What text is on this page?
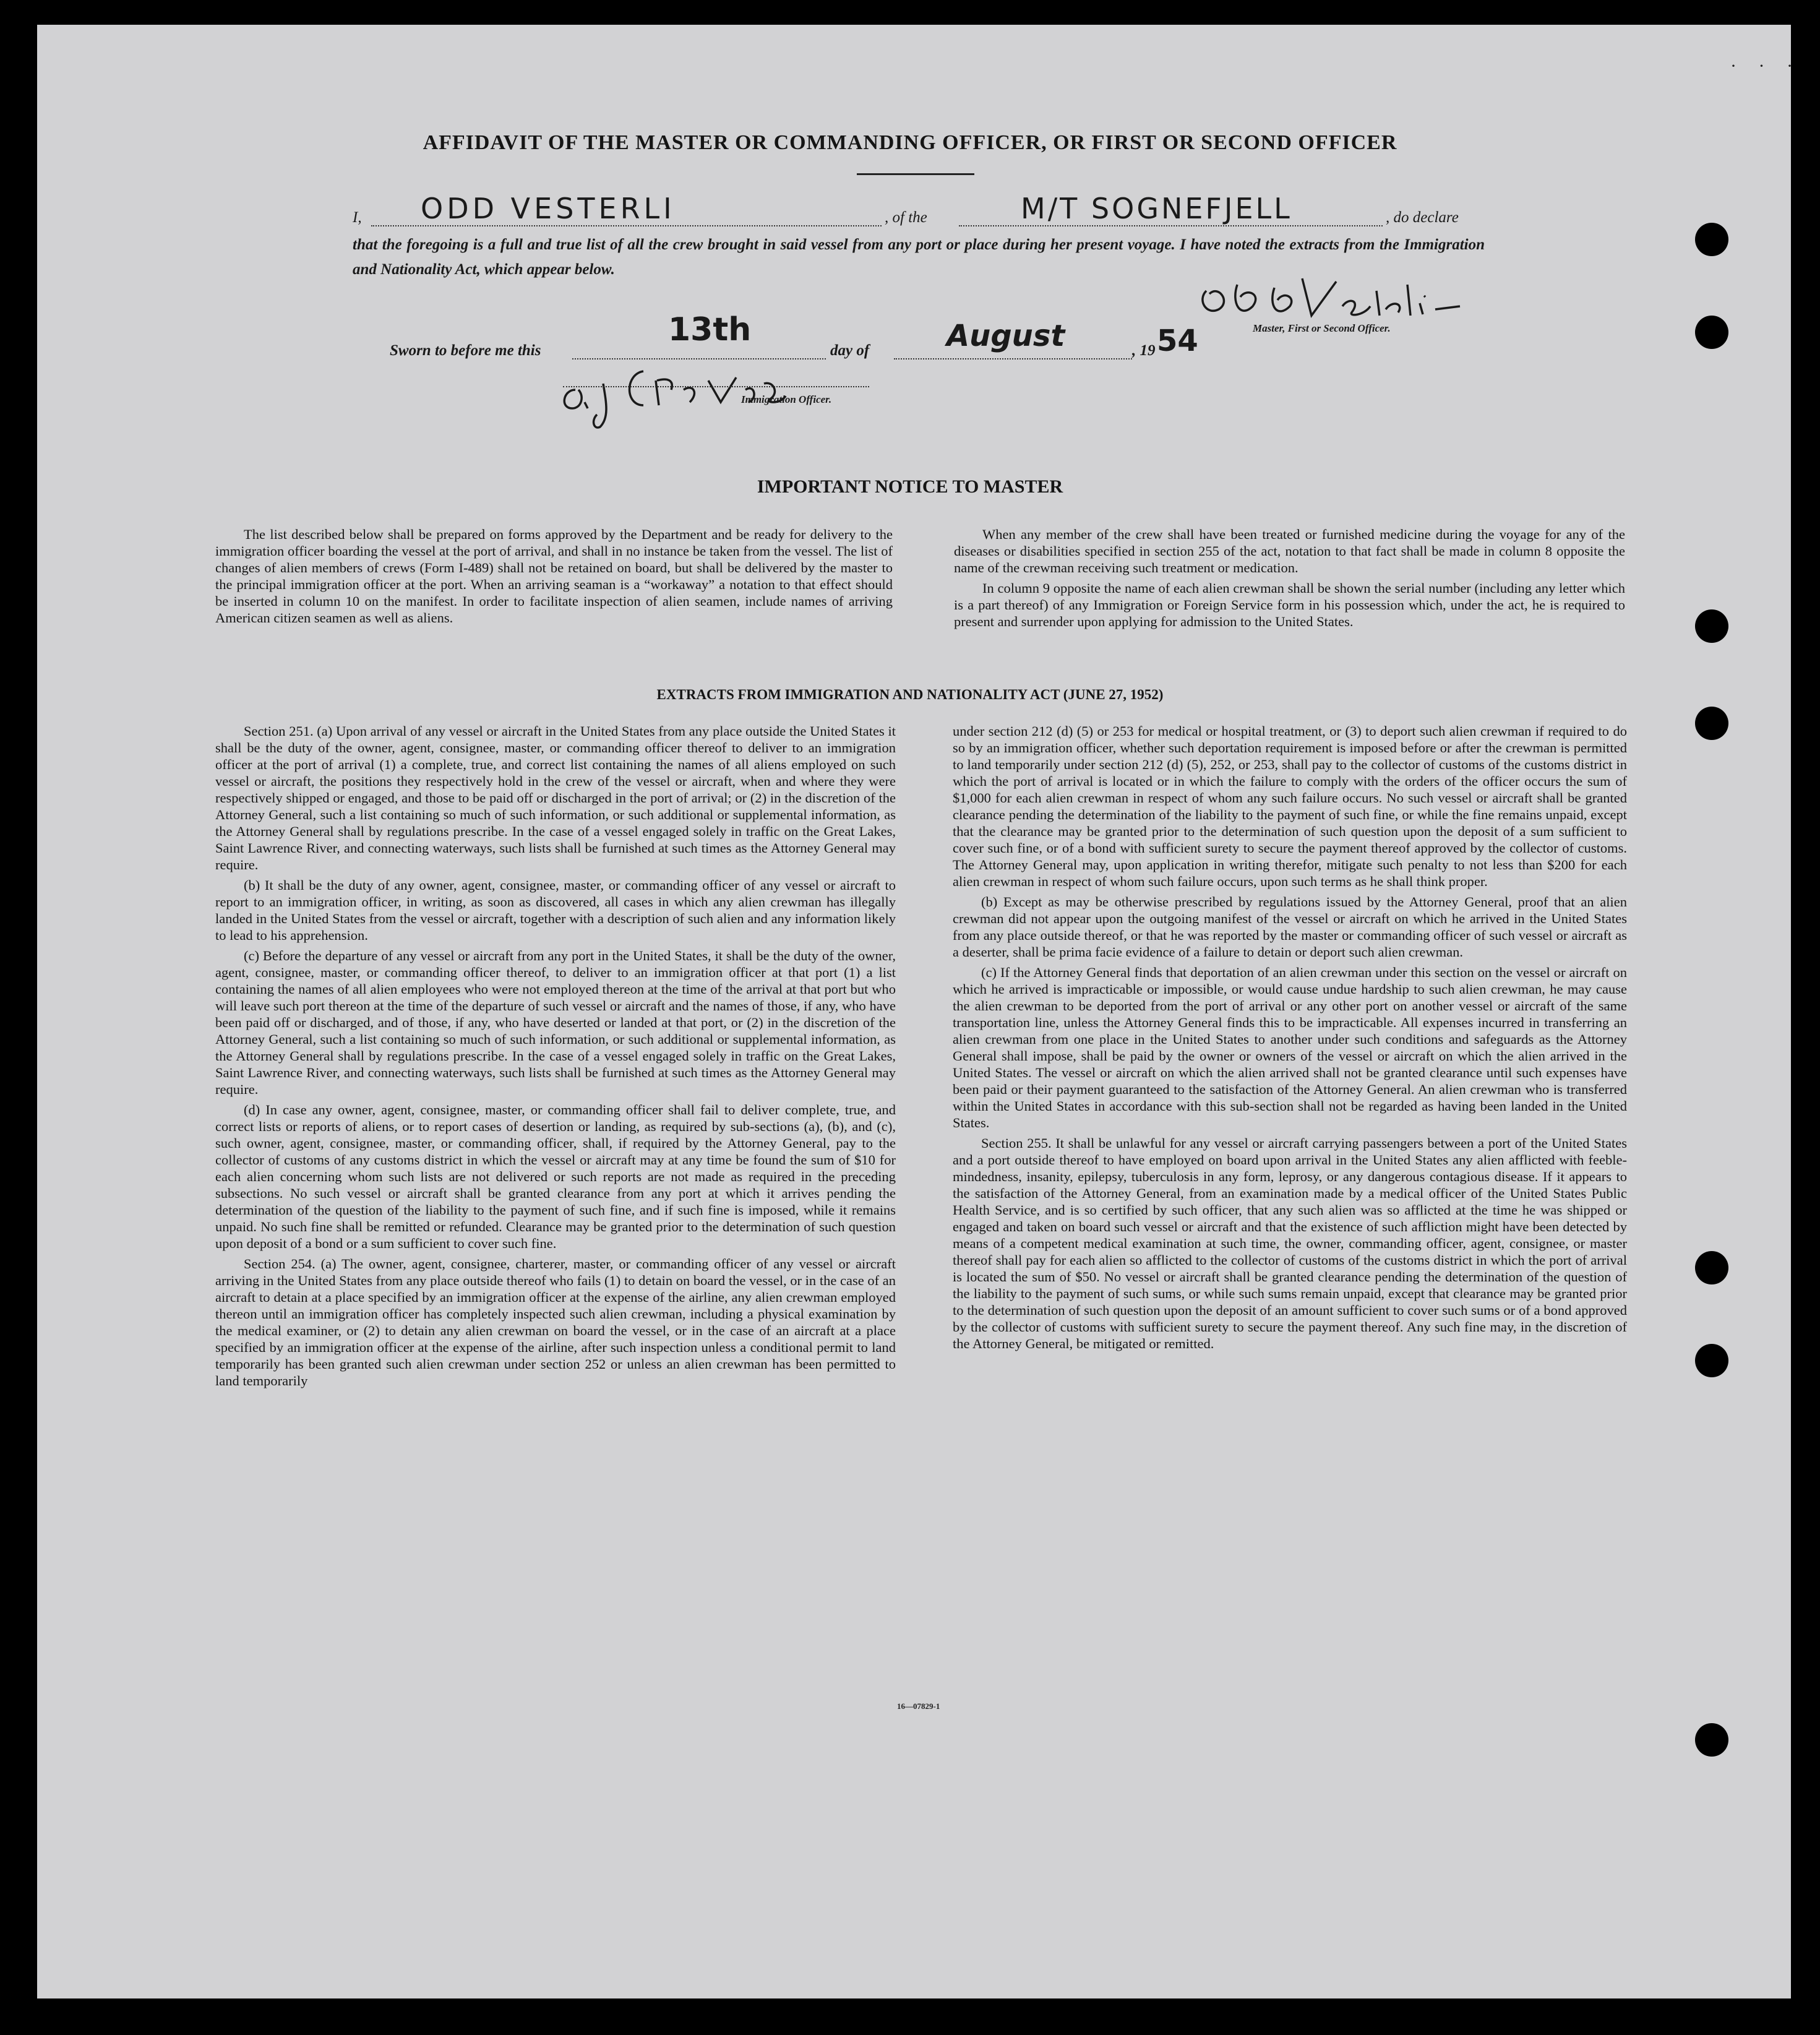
· · ·
AFFIDAVIT OF THE MASTER OR COMMANDING OFFICER, OR FIRST OR SECOND OFFICER
I, ODD VESTERLI	, of the	M/T SOGNEFJELL	, do declare
that the foregoing is a full and true list of all the crew brought in said vessel from any port or place during her present voyage. I have noted the extracts from the Immigration and Nationality Act, which appear below.
Master, First or Second Officer.
Sworn to before me this
13th
day of	August	, 19 54
Immigration Officer.
IMPORTANT NOTICE TO MASTER

The list described below shall be prepared on forms approved by the Department and be ready for delivery to the immigration officer boarding the vessel at the port of arrival, and shall in no instance be taken from the vessel. The list of changes of alien members of crews (Form I-489) shall not be retained on board, but shall be delivered by the master to the principal immigration officer at the port. When an arriving seaman is a “workaway” a notation to that effect should be inserted in column 10 on the manifest. In order to facilitate inspection of alien seamen, include names of arriving American citizen seamen as well as aliens.

When any member of the crew shall have been treated or furnished medicine during the voyage for any of the diseases or disabilities specified in section 255 of the act, notation to that fact shall be made in column 8 opposite the name of the crewman receiving such treatment or medication.

In column 9 opposite the name of each alien crewman shall be shown the serial number (including any letter which is a part thereof) of any Immigration or Foreign Service form in his possession which, under the act, he is required to present and surrender upon applying for admission to the United States.

EXTRACTS FROM IMMIGRATION AND NATIONALITY ACT (JUNE 27, 1952)

Section 251. (a) Upon arrival of any vessel or aircraft in the United States from any place outside the United States it shall be the duty of the owner, agent, consignee, master, or commanding officer thereof to deliver to an immigration officer at the port of arrival (1) a complete, true, and correct list containing the names of all aliens employed on such vessel or aircraft, the positions they respectively hold in the crew of the vessel or aircraft, when and where they were respectively shipped or engaged, and those to be paid off or discharged in the port of arrival; or (2) in the discretion of the Attorney General, such a list containing so much of such information, or such additional or supplemental information, as the Attorney General shall by regulations prescribe. In the case of a vessel engaged solely in traffic on the Great Lakes, Saint Lawrence River, and connecting waterways, such lists shall be furnished at such times as the Attorney General may require.

(b) It shall be the duty of any owner, agent, consignee, master, or commanding officer of any vessel or aircraft to report to an immigration officer, in writing, as soon as discovered, all cases in which any alien crewman has illegally landed in the United States from the vessel or aircraft, together with a description of such alien and any information likely to lead to his apprehension.

(c) Before the departure of any vessel or aircraft from any port in the United States, it shall be the duty of the owner, agent, consignee, master, or commanding officer thereof, to deliver to an immigration officer at that port (1) a list containing the names of all alien employees who were not employed thereon at the time of the arrival at that port but who will leave such port thereon at the time of the departure of such vessel or aircraft and the names of those, if any, who have been paid off or discharged, and of those, if any, who have deserted or landed at that port, or (2) in the discretion of the Attorney General, such a list containing so much of such information, or such additional or supplemental information, as the Attorney General shall by regulations prescribe. In the case of a vessel engaged solely in traffic on the Great Lakes, Saint Lawrence River, and connecting waterways, such lists shall be furnished at such times as the Attorney General may require.

(d) In case any owner, agent, consignee, master, or commanding officer shall fail to deliver complete, true, and correct lists or reports of aliens, or to report cases of desertion or landing, as required by sub-sections (a), (b), and (c), such owner, agent, consignee, master, or commanding officer, shall, if required by the Attorney General, pay to the collector of customs of any customs district in which the vessel or aircraft may at any time be found the sum of $10 for each alien concerning whom such lists are not delivered or such reports are not made as required in the preceding subsections. No such vessel or aircraft shall be granted clearance from any port at which it arrives pending the determination of the question of the liability to the payment of such fine, and if such fine is imposed, while it remains unpaid. No such fine shall be remitted or refunded. Clearance may be granted prior to the determination of such question upon deposit of a bond or a sum sufficient to cover such fine.

Section 254. (a) The owner, agent, consignee, charterer, master, or commanding officer of any vessel or aircraft arriving in the United States from any place outside thereof who fails (1) to detain on board the vessel, or in the case of an aircraft to detain at a place specified by an immigration officer at the expense of the airline, any alien crewman employed thereon until an immigration officer has completely inspected such alien crewman, including a physical examination by the medical examiner, or (2) to detain any alien crewman on board the vessel, or in the case of an aircraft at a place specified by an immigration officer at the expense of the airline, after such inspection unless a conditional permit to land temporarily has been granted such alien crewman under section 252 or unless an alien crewman has been permitted to land temporarily

under section 212 (d) (5) or 253 for medical or hospital treatment, or (3) to deport such alien crewman if required to do so by an immigration officer, whether such deportation requirement is imposed before or after the crewman is permitted to land temporarily under section 212 (d) (5), 252, or 253, shall pay to the collector of customs of the customs district in which the port of arrival is located or in which the failure to comply with the orders of the officer occurs the sum of $1,000 for each alien crewman in respect of whom any such failure occurs. No such vessel or aircraft shall be granted clearance pending the determination of the liability to the payment of such fine, or while the fine remains unpaid, except that the clearance may be granted prior to the determination of such question upon the deposit of a sum sufficient to cover such fine, or of a bond with sufficient surety to secure the payment thereof approved by the collector of customs. The Attorney General may, upon application in writing therefor, mitigate such penalty to not less than $200 for each alien crewman in respect of whom such failure occurs, upon such terms as he shall think proper.

(b) Except as may be otherwise prescribed by regulations issued by the Attorney General, proof that an alien crewman did not appear upon the outgoing manifest of the vessel or aircraft on which he arrived in the United States from any place outside thereof, or that he was reported by the master or commanding officer of such vessel or aircraft as a deserter, shall be prima facie evidence of a failure to detain or deport such alien crewman.

(c) If the Attorney General finds that deportation of an alien crewman under this section on the vessel or aircraft on which he arrived is impracticable or impossible, or would cause undue hardship to such alien crewman, he may cause the alien crewman to be deported from the port of arrival or any other port on another vessel or aircraft of the same transportation line, unless the Attorney General finds this to be impracticable. All expenses incurred in transferring an alien crewman from one place in the United States to another under such conditions and safeguards as the Attorney General shall impose, shall be paid by the owner or owners of the vessel or aircraft on which the alien arrived in the United States. The vessel or aircraft on which the alien arrived shall not be granted clearance until such expenses have been paid or their payment guaranteed to the satisfaction of the Attorney General. An alien crewman who is transferred within the United States in accordance with this sub-section shall not be regarded as having been landed in the United States.

Section 255. It shall be unlawful for any vessel or aircraft carrying passengers between a port of the United States and a port outside thereof to have employed on board upon arrival in the United States any alien afflicted with feeble-mindedness, insanity, epilepsy, tuberculosis in any form, leprosy, or any dangerous contagious disease. If it appears to the satisfaction of the Attorney General, from an examination made by a medical officer of the United States Public Health Service, and is so certified by such officer, that any such alien was so afflicted at the time he was shipped or engaged and taken on board such vessel or aircraft and that the existence of such affliction might have been detected by means of a competent medical examination at such time, the owner, commanding officer, agent, consignee, or master thereof shall pay for each alien so afflicted to the collector of customs of the customs district in which the port of arrival is located the sum of $50. No vessel or aircraft shall be granted clearance pending the determination of the question of the liability to the payment of such sums, or while such sums remain unpaid, except that clearance may be granted prior to the determination of such question upon the deposit of an amount sufficient to cover such sums or of a bond approved by the collector of customs with sufficient surety to secure the payment thereof. Any such fine may, in the discretion of the Attorney General, be mitigated or remitted.

16—07829-1
